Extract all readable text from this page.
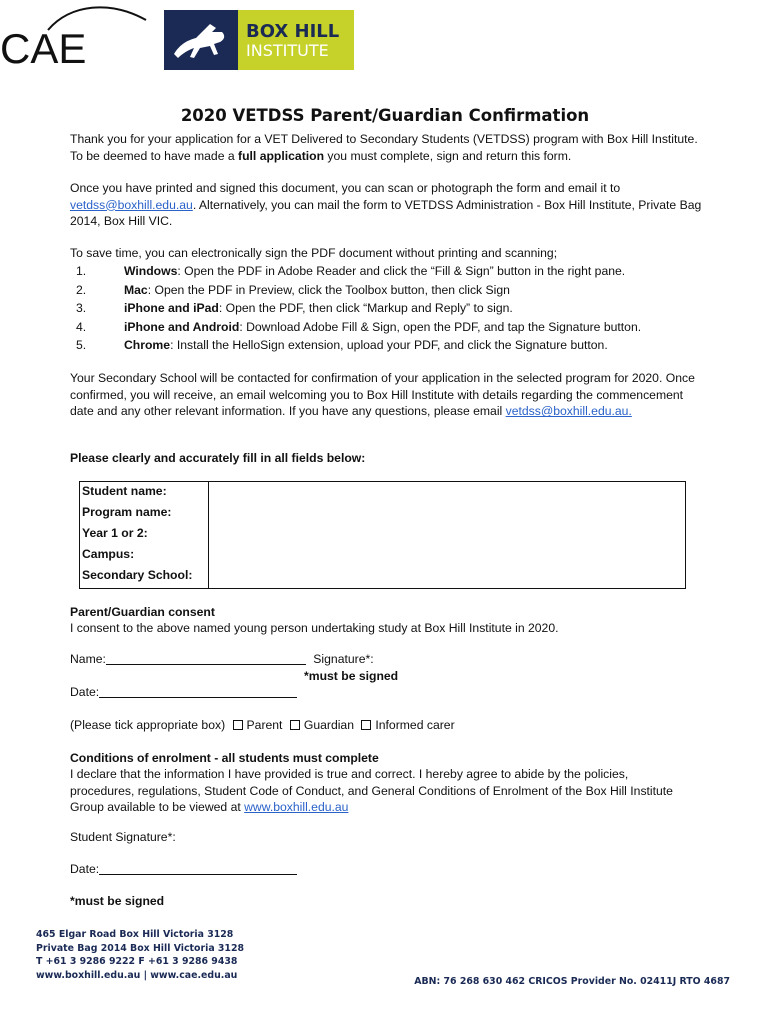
CAE
	BOX HILL
INSTITUTE
2020 VETDSS Parent/Guardian Confirmation

Thank you for your application for a VET Delivered to Secondary Students (VETDSS) program with Box Hill Institute. To be deemed to have made a full application you must complete, sign and return this form.

Once you have printed and signed this document, you can scan or photograph the form and email it to vetdss@boxhill.edu.au. Alternatively, you can mail the form to VETDSS Administration - Box Hill Institute, Private Bag 2014, Box Hill VIC.

To save time, you can electronically sign the PDF document without printing and scanning;

1.	Windows: Open the PDF in Adobe Reader and click the “Fill & Sign” button in the right pane.
2.	Mac: Open the PDF in Preview, click the Toolbox button, then click Sign
3.	iPhone and iPad: Open the PDF, then click “Markup and Reply” to sign.
4.	iPhone and Android: Download Adobe Fill & Sign, open the PDF, and tap the Signature button.
5.	Chrome: Install the HelloSign extension, upload your PDF, and click the Signature button.

Your Secondary School will be contacted for confirmation of your application in the selected program for 2020. Once confirmed, you will receive, an email welcoming you to Box Hill Institute with details regarding the commencement date and any other relevant information. If you have any questions, please email vetdss@boxhill.edu.au.

Please clearly and accurately fill in all fields below:

Student name:
Program name:
Year 1 or 2:
Campus:
Secondary School:

Parent/Guardian consent

I consent to the above named young person undertaking study at Box Hill Institute in 2020.

Name:	Signature*:
*must be signed
Date:
(Please tick appropriate box) Parent Guardian Informed carer

Conditions of enrolment - all students must complete

I declare that the information I have provided is true and correct. I hereby agree to abide by the policies, procedures, regulations, Student Code of Conduct, and General Conditions of Enrolment of the Box Hill Institute Group available to be viewed at www.boxhill.edu.au

Student Signature*:
Date:
*must be signed
465 Elgar Road Box Hill Victoria 3128
Private Bag 2014 Box Hill Victoria 3128
T +61 3 9286 9222 F +61 3 9286 9438
www.boxhill.edu.au | www.cae.edu.au
ABN: 76 268 630 462 CRICOS Provider No. 02411J RTO 4687
